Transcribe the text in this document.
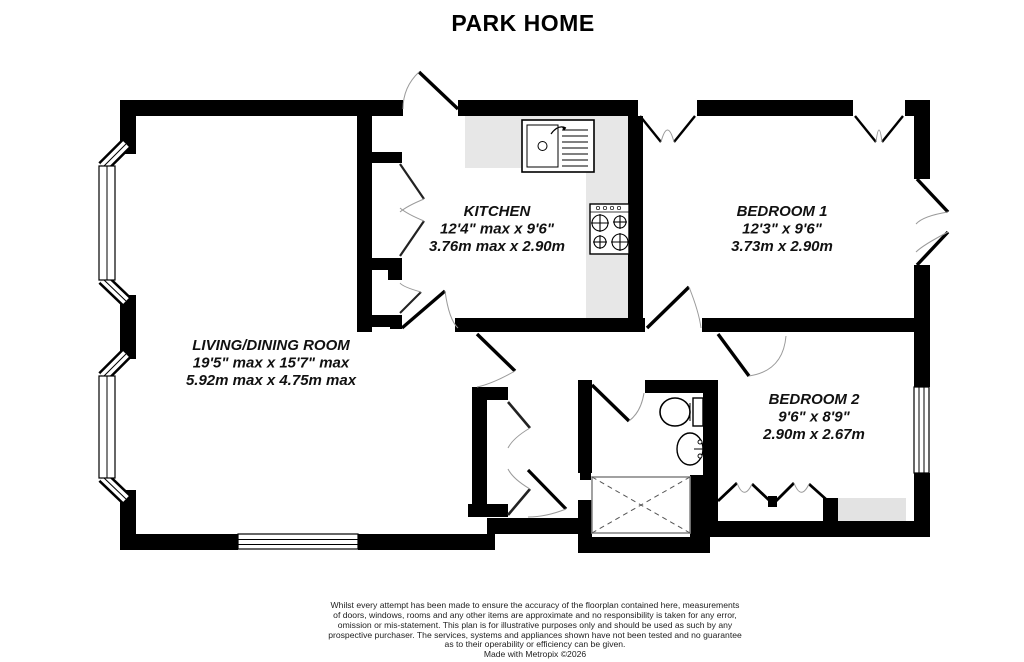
PARK HOME
KITCHEN
12'4" max x 9'6"
3.76m max x 2.90m
BEDROOM 1
12'3" x 9'6"
3.73m x 2.90m
LIVING/DINING ROOM
19'5" max x 15'7" max
5.92m max x 4.75m max
BEDROOM 2
9'6" x 8'9"
2.90m x 2.67m
Whilst every attempt has been made to ensure the accuracy of the floorplan contained here, measurements
of doors, windows, rooms and any other items are approximate and no responsibility is taken for any error,
omission or mis-statement. This plan is for illustrative purposes only and should be used as such by any
prospective purchaser. The services, systems and appliances shown have not been tested and no guarantee
as to their operability or efficiency can be given.
Made with Metropix ©2026
